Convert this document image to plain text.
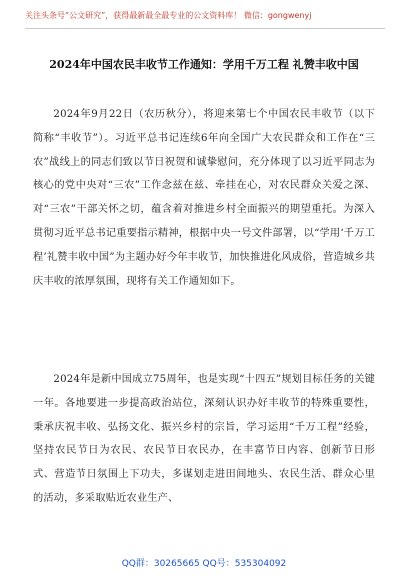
关注头条号“公文研究”，获得最新最全最专业的公文资料库！ 微信：gongwenyj
2024年中国农民丰收节工作通知：学用千万工程 礼赞丰收中国

2024年9月22日（农历秋分），将迎来第七个中国农民丰收节（以下简称“丰收节”）。习近平总书记连续6年向全国广大农民群众和工作在“三农”战线上的同志们致以节日祝贺和诚挚慰问，充分体现了以习近平同志为核心的党中央对“三农”工作念兹在兹、牵挂在心，对农民群众关爱之深、对“三农”干部关怀之切，蕴含着对推进乡村全面振兴的期望重托。为深入贯彻习近平总书记重要指示精神，根据中央一号文件部署，以“学用‘千万工程’礼赞丰收中国”为主题办好今年丰收节，加快推进化风成俗，营造城乡共庆丰收的浓厚氛围，现将有关工作通知如下。

2024年是新中国成立75周年，也是实现“十四五”规划目标任务的关键一年。各地要进一步提高政治站位，深刻认识办好丰收节的特殊重要性，秉承庆祝丰收、弘扬文化、振兴乡村的宗旨，学习运用“千万工程”经验，坚持农民节日为农民、农民节日农民办，在丰富节日内容、创新节日形式、营造节日氛围上下功夫，多谋划走进田间地头、农民生活、群众心里的活动，多采取贴近农业生产、

QQ群：30265665 QQ号：535304092
